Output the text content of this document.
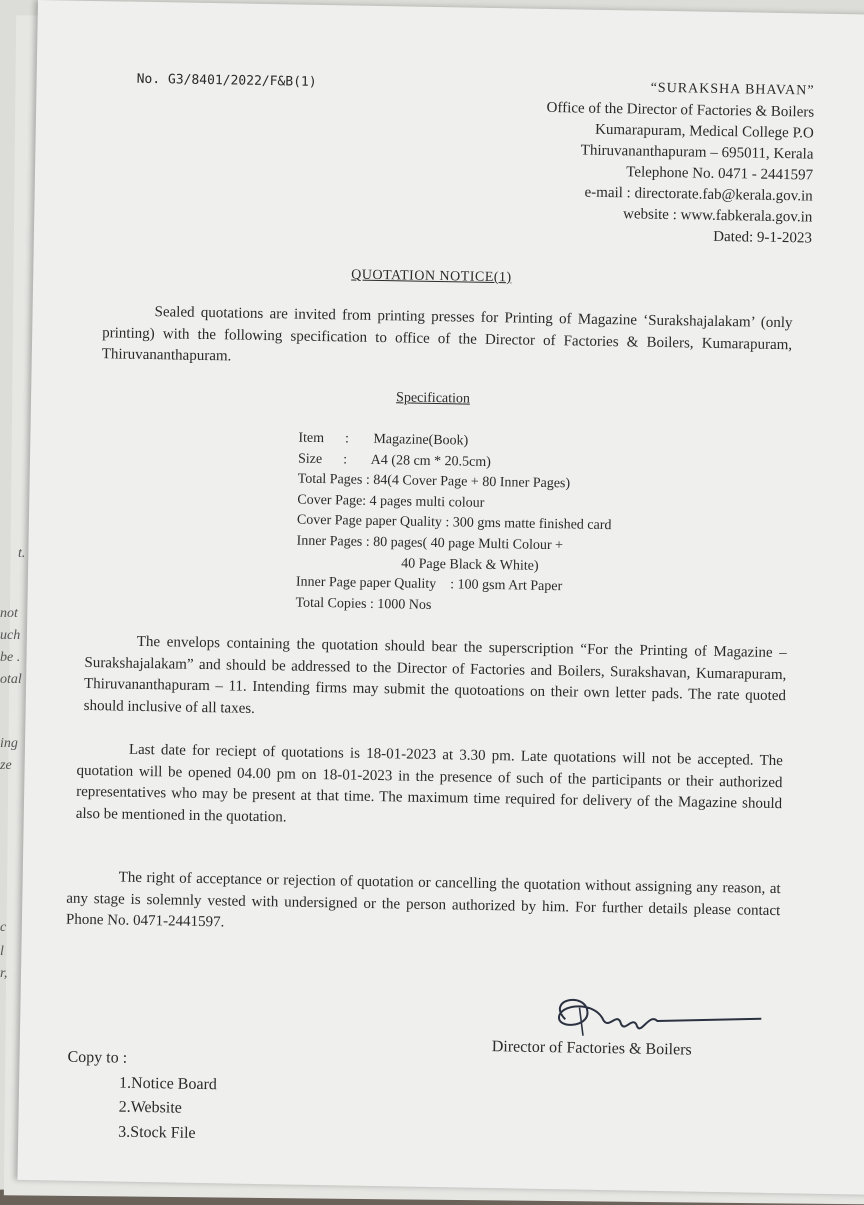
t.
not
uch
be .
otal
ing
ze
c
l
r,
No. G3/8401/2022/F&B(1)	“SURAKSHA BHAVAN”
Office of the Director of Factories & Boilers
Kumarapuram, Medical College P.O
Thiruvananthapuram – 695011, Kerala
Telephone No. 0471 - 2441597
e-mail : directorate.fab@kerala.gov.in
website : www.fabkerala.gov.in
Dated: 9-1-2023
QUOTATION NOTICE(1)
Sealed quotations are invited from printing presses for Printing of Magazine ‘Surakshajalakam’ (only printing) with the following specification to office of the Director of Factories & Boilers, Kumarapuram, Thiruvananthapuram.
Specification
Item      :       Magazine(Book)
Size      :       A4 (28 cm * 20.5cm)
Total Pages : 84(4 Cover Page + 80 Inner Pages)
Cover Page: 4 pages multi colour
Cover Page paper Quality : 300 gms matte finished card
Inner Pages : 80 pages( 40 page Multi Colour +
40 Page Black & White)
Inner Page paper Quality    : 100 gsm Art Paper
Total Copies : 1000 Nos
The envelops containing the quotation should bear the superscription “For the Printing of Magazine – Surakshajalakam” and should be addressed to the Director of Factories and Boilers, Surakshavan, Kumarapuram, Thiruvananthapuram – 11. Intending firms may submit the quotoations on their own letter pads. The rate quoted should inclusive of all taxes.
Last date for reciept of quotations is 18-01-2023 at 3.30 pm. Late quotations will not be accepted. The quotation will be opened 04.00 pm on 18-01-2023 in the presence of such of the participants or their authorized representatives who may be present at that time. The maximum time required for delivery of the Magazine should also be mentioned in the quotation.
The right of acceptance or rejection of quotation or cancelling the quotation without assigning any reason, at any stage is solemnly vested with undersigned or the person authorized by him. For further details please contact Phone No. 0471-2441597.
Director of Factories & Boilers
Copy to :
1.Notice Board
2.Website
3.Stock File
